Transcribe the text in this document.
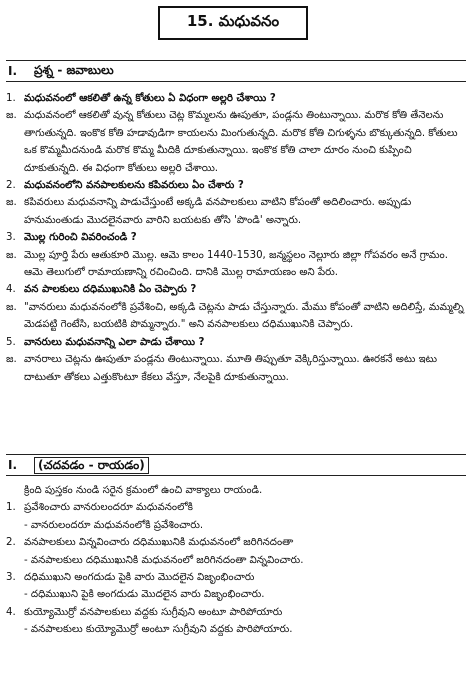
15. మధువనం
I.	ప్రశ్న - జవాబులు
1. మధువనంలో ఆకలితో ఉన్న కోతులు ఏ విధంగా అల్లరి చేశాయి ?
జ. మధువనంలో ఆకలితో వున్న కోతులు చెట్ల కొమ్మలను ఊపుతూ, పండ్లను తింటున్నాయి. మరొక కోతి తేనెలను తాగుతున్నది. ఇంకొక కోతి హడావుడిగా కాయలను మింగుతున్నది. మరొక కోతి చిగుళ్ళను బొక్కుతున్నది. కోతులు ఒక కొమ్మమీదనుండి మరొక కొమ్మ మీదికి దూకుతున్నాయి. ఇంకొక కోతి చాలా దూరం నుంచి కుప్పించి దూకుతున్నది. ఈ విధంగా కోతులు అల్లరి చేశాయి.
2. మధువనంలోని వనపాలకులను కపివరులు ఏం చేశారు ?
జ. కపివరులు మధువనాన్ని పాడుచేస్తుంటే అక్కడి వనపాలకులు వాటిని కోపంతో అదిలించారు. అప్పుడు హనుమంతుడు మొదలైనవారు వారిని బయటకు తోసి 'పొండి' అన్నారు.
3. మొల్ల గురించి వివరించండి ?
జ. మొల్ల పూర్తి పేరు ఆతుకూరి మొల్ల. ఆమె కాలం 1440-1530, జన్మస్థలం నెల్లూరు జిల్లా గోపవరం అనే గ్రామం. ఆమె తెలుగులో రామాయణాన్ని రచించింది. దానికి మొల్ల రామాయణం అని పేరు.
4. వన పాలకులు దధిముఖునికి ఏం చెప్పారు ?
జ. "వానరులు మధువనంలోకి ప్రవేశించి, అక్కడి చెట్లను పాడు చేస్తున్నారు. మేము కోపంతో వాటిని అదిలిస్తే, మమ్మల్ని మెడపట్టి గెంటేసి, బయటికి పొమ్మన్నారు." అని వనపాలకులు దధిముఖునికి చెప్పారు.
5. వానరులు మధువనాన్ని ఎలా పాడు చేశాయి ?
జ. వానరాలు చెట్లను ఊపుతూ పండ్లను తింటున్నాయి. మూతి తిప్పుతూ వెక్కిరిస్తున్నాయి. ఊరకనే అటు ఇటు దాటుతూ తోకలు ఎత్తుకొంటూ కేకలు వేస్తూ, నేలపైకి దూకుతున్నాయి.
I.	(చదవడం - రాయడం)
క్రింది పుస్తకం నుండి సరైన క్రమంలో ఉంచి వాక్యాలు రాయండి.
1. ప్రవేశించారు వానరులందరూ మధువనంలోకి
- వానరులందరూ మధువనంలోకి ప్రవేశించారు.
2. వనపాలకులు విన్నవించారు దధిముఖునికి మధువనంలో జరిగినదంతా
- వనపాలకులు దధిముఖునికి మధువనంలో జరిగినదంతా విన్నవించారు.
3. దధిముఖుని అంగదుడు పైకి వారు మొదలైన విజృంభించారు
- దధిముఖుని పైకి అంగదుడు మొదలైన వారు విజృంభించారు.
4. కుయ్యోమొర్రో వనపాలకులు వద్దకు సుగ్రీవుని అంటూ పారిపోయారు
- వనపాలకులు కుయ్యోమొర్రో అంటూ సుగ్రీవుని వద్దకు పారిపోయారు.
